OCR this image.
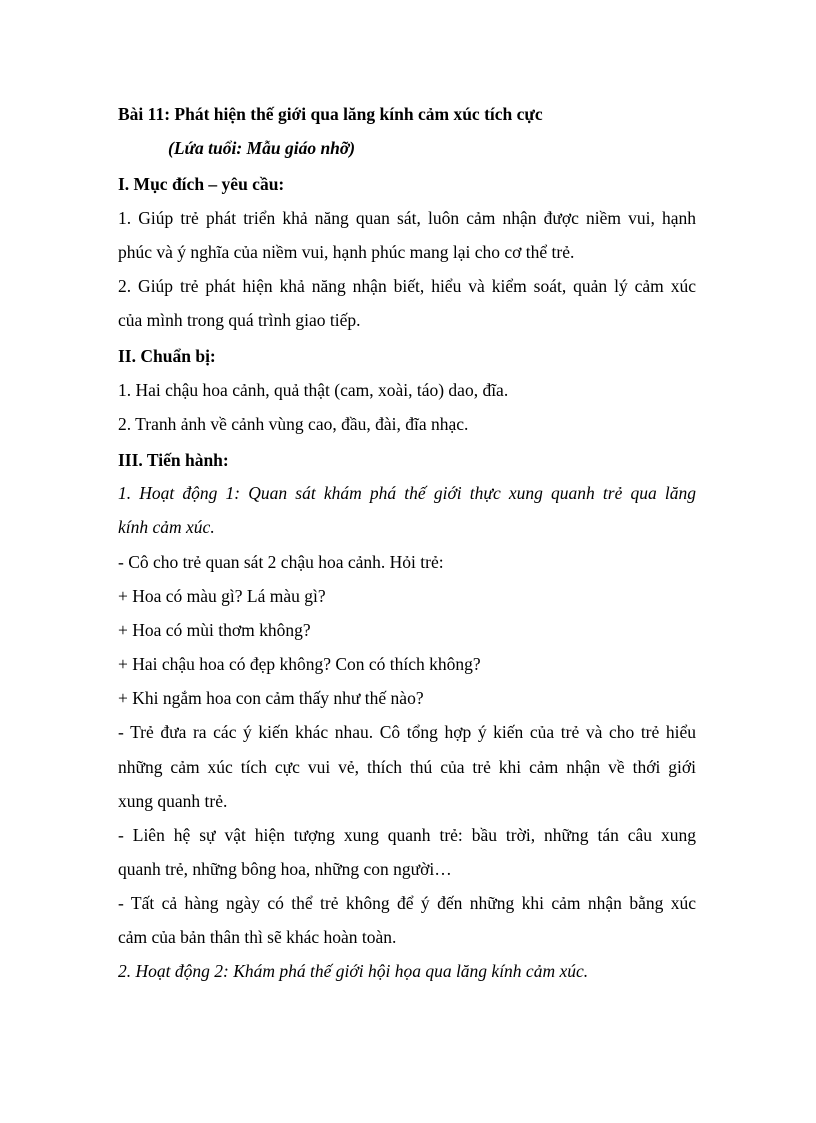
Bài 11: Phát hiện thế giới qua lăng kính cảm xúc tích cực
(Lứa tuổi: Mẫu giáo nhỡ)
I. Mục đích – yêu cầu:
1. Giúp trẻ phát triển khả năng quan sát, luôn cảm nhận được niềm vui, hạnh
phúc và ý nghĩa của niềm vui, hạnh phúc mang lại cho cơ thể trẻ.
2. Giúp trẻ phát hiện khả năng nhận biết, hiểu và kiểm soát, quản lý cảm xúc
của mình trong quá trình giao tiếp.
II. Chuẩn bị:
1. Hai chậu hoa cảnh, quả thật (cam, xoài, táo) dao, đĩa.
2. Tranh ảnh về cảnh vùng cao, đầu, đài, đĩa nhạc.
III. Tiến hành:
1. Hoạt động 1: Quan sát khám phá thế giới thực xung quanh trẻ qua lăng
kính cảm xúc.
- Cô cho trẻ quan sát 2 chậu hoa cảnh. Hỏi trẻ:
+ Hoa có màu gì? Lá màu gì?
+ Hoa có mùi thơm không?
+ Hai chậu hoa có đẹp không? Con có thích không?
+ Khi ngắm hoa con cảm thấy như thế nào?
- Trẻ đưa ra các ý kiến khác nhau. Cô tổng hợp ý kiến của trẻ và cho trẻ hiểu
những cảm xúc tích cực vui vẻ, thích thú của trẻ khi cảm nhận về thới giới
xung quanh trẻ.
- Liên hệ sự vật hiện tượng xung quanh trẻ: bầu trời, những tán câu xung
quanh trẻ, những bông hoa, những con người…
- Tất cả hàng ngày có thể trẻ không để ý đến những khi cảm nhận bằng xúc
cảm của bản thân thì sẽ khác hoàn toàn.
2. Hoạt động 2: Khám phá thế giới hội họa qua lăng kính cảm xúc.
